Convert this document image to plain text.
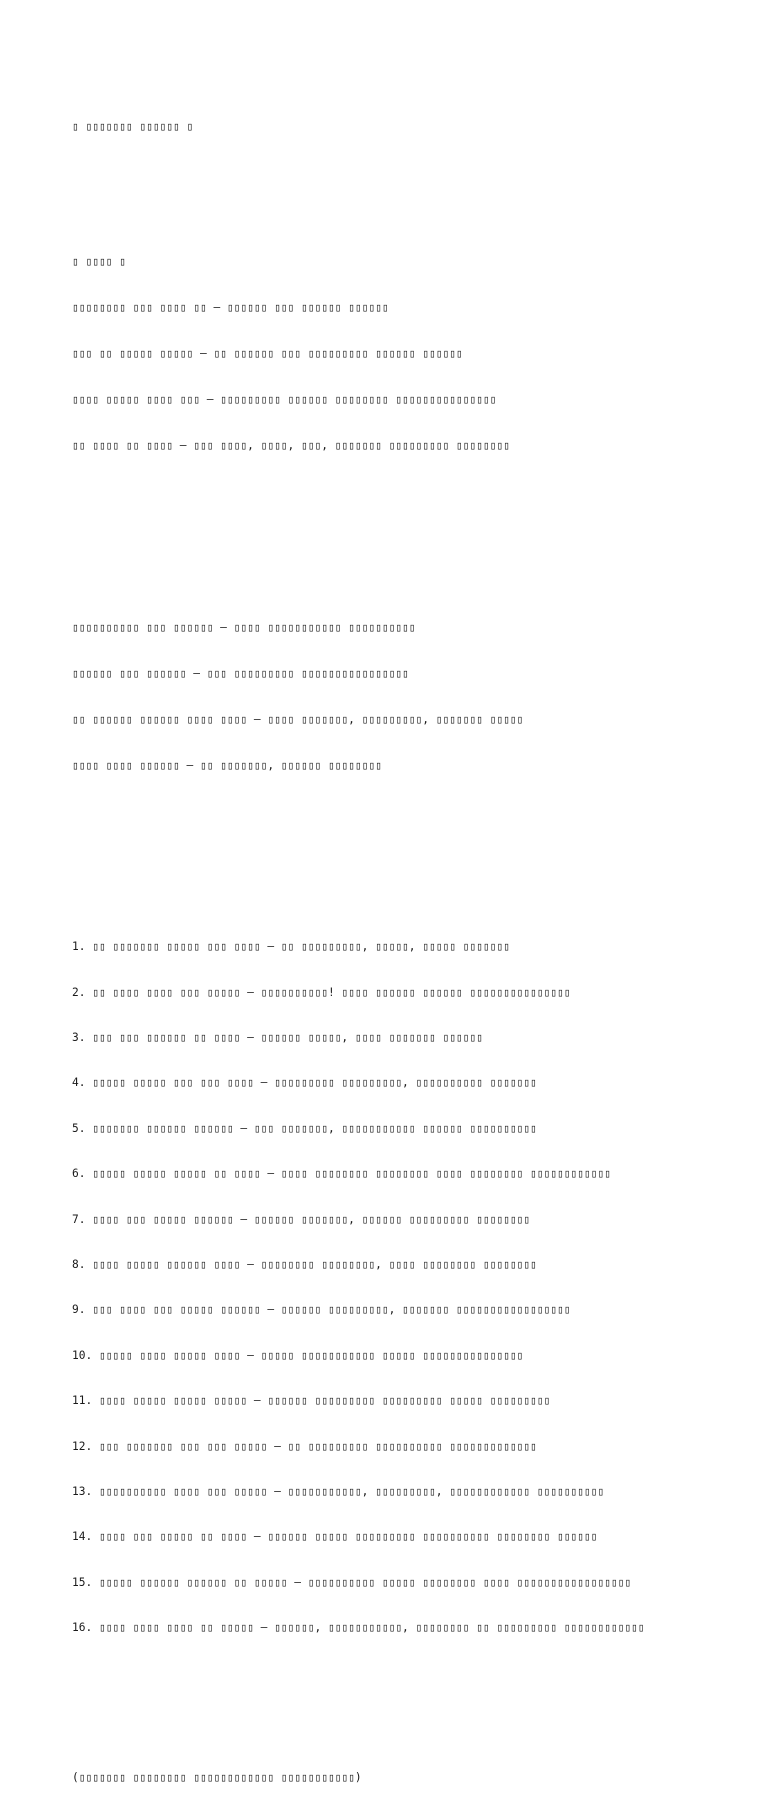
▯ ▯▯▯▯▯▯▯ ▯▯▯▯▯▯ ▯

▯ ▯▯▯▯ ▯

▯▯▯▯▯▯▯▯ ▯▯▯ ▯▯▯▯ ▯▯ – ▯▯▯▯▯▯ ▯▯▯ ▯▯▯▯▯▯ ▯▯▯▯▯▯

▯▯▯ ▯▯ ▯▯▯▯▯ ▯▯▯▯▯ – ▯▯ ▯▯▯▯▯▯ ▯▯▯ ▯▯▯▯▯▯▯▯▯ ▯▯▯▯▯▯ ▯▯▯▯▯▯

▯▯▯▯ ▯▯▯▯▯ ▯▯▯▯ ▯▯▯ – ▯▯▯▯▯▯▯▯▯ ▯▯▯▯▯▯ ▯▯▯▯▯▯▯▯ ▯▯▯▯▯▯▯▯▯▯▯▯▯▯▯

▯▯ ▯▯▯▯ ▯▯ ▯▯▯▯ – ▯▯▯ ▯▯▯▯, ▯▯▯▯, ▯▯▯, ▯▯▯▯▯▯▯ ▯▯▯▯▯▯▯▯▯ ▯▯▯▯▯▯▯▯

▯▯▯▯▯▯▯▯▯▯ ▯▯▯ ▯▯▯▯▯▯ – ▯▯▯▯ ▯▯▯▯▯▯▯▯▯▯▯ ▯▯▯▯▯▯▯▯▯▯

▯▯▯▯▯▯ ▯▯▯ ▯▯▯▯▯▯ – ▯▯▯ ▯▯▯▯▯▯▯▯▯ ▯▯▯▯▯▯▯▯▯▯▯▯▯▯▯▯

▯▯ ▯▯▯▯▯▯ ▯▯▯▯▯▯ ▯▯▯▯ ▯▯▯▯ – ▯▯▯▯ ▯▯▯▯▯▯▯, ▯▯▯▯▯▯▯▯▯, ▯▯▯▯▯▯▯ ▯▯▯▯▯

▯▯▯▯ ▯▯▯▯ ▯▯▯▯▯▯ – ▯▯ ▯▯▯▯▯▯▯, ▯▯▯▯▯▯ ▯▯▯▯▯▯▯▯

1. ▯▯ ▯▯▯▯▯▯▯ ▯▯▯▯▯ ▯▯▯ ▯▯▯▯ – ▯▯ ▯▯▯▯▯▯▯▯▯, ▯▯▯▯▯, ▯▯▯▯▯ ▯▯▯▯▯▯▯

2. ▯▯ ▯▯▯▯ ▯▯▯▯ ▯▯▯ ▯▯▯▯▯ – ▯▯▯▯▯▯▯▯▯▯! ▯▯▯▯ ▯▯▯▯▯▯ ▯▯▯▯▯▯ ▯▯▯▯▯▯▯▯▯▯▯▯▯▯▯

3. ▯▯▯ ▯▯▯ ▯▯▯▯▯▯ ▯▯ ▯▯▯▯ – ▯▯▯▯▯▯ ▯▯▯▯▯, ▯▯▯▯ ▯▯▯▯▯▯▯ ▯▯▯▯▯▯

4. ▯▯▯▯▯ ▯▯▯▯▯ ▯▯▯ ▯▯▯ ▯▯▯▯ – ▯▯▯▯▯▯▯▯▯ ▯▯▯▯▯▯▯▯▯, ▯▯▯▯▯▯▯▯▯▯ ▯▯▯▯▯▯▯

5. ▯▯▯▯▯▯▯ ▯▯▯▯▯▯ ▯▯▯▯▯▯ – ▯▯▯ ▯▯▯▯▯▯▯, ▯▯▯▯▯▯▯▯▯▯▯ ▯▯▯▯▯▯ ▯▯▯▯▯▯▯▯▯▯

6. ▯▯▯▯▯ ▯▯▯▯▯ ▯▯▯▯▯ ▯▯ ▯▯▯▯ – ▯▯▯▯ ▯▯▯▯▯▯▯▯ ▯▯▯▯▯▯▯▯ ▯▯▯▯ ▯▯▯▯▯▯▯▯ ▯▯▯▯▯▯▯▯▯▯▯▯

7. ▯▯▯▯ ▯▯▯ ▯▯▯▯▯ ▯▯▯▯▯▯ – ▯▯▯▯▯▯ ▯▯▯▯▯▯▯, ▯▯▯▯▯▯ ▯▯▯▯▯▯▯▯▯ ▯▯▯▯▯▯▯▯

8. ▯▯▯▯ ▯▯▯▯▯ ▯▯▯▯▯▯ ▯▯▯▯ – ▯▯▯▯▯▯▯▯ ▯▯▯▯▯▯▯▯, ▯▯▯▯ ▯▯▯▯▯▯▯▯ ▯▯▯▯▯▯▯▯

9. ▯▯▯ ▯▯▯▯ ▯▯▯ ▯▯▯▯▯ ▯▯▯▯▯▯ – ▯▯▯▯▯▯ ▯▯▯▯▯▯▯▯▯, ▯▯▯▯▯▯▯ ▯▯▯▯▯▯▯▯▯▯▯▯▯▯▯▯▯

10. ▯▯▯▯▯ ▯▯▯▯ ▯▯▯▯▯ ▯▯▯▯ – ▯▯▯▯▯ ▯▯▯▯▯▯▯▯▯▯▯ ▯▯▯▯▯ ▯▯▯▯▯▯▯▯▯▯▯▯▯▯▯

11. ▯▯▯▯ ▯▯▯▯▯ ▯▯▯▯▯ ▯▯▯▯▯ – ▯▯▯▯▯▯ ▯▯▯▯▯▯▯▯▯ ▯▯▯▯▯▯▯▯▯ ▯▯▯▯▯ ▯▯▯▯▯▯▯▯▯

12. ▯▯▯ ▯▯▯▯▯▯▯ ▯▯▯ ▯▯▯ ▯▯▯▯▯ – ▯▯ ▯▯▯▯▯▯▯▯▯ ▯▯▯▯▯▯▯▯▯▯ ▯▯▯▯▯▯▯▯▯▯▯▯▯

13. ▯▯▯▯▯▯▯▯▯▯ ▯▯▯▯ ▯▯▯ ▯▯▯▯▯ – ▯▯▯▯▯▯▯▯▯▯▯, ▯▯▯▯▯▯▯▯▯, ▯▯▯▯▯▯▯▯▯▯▯▯ ▯▯▯▯▯▯▯▯▯▯

14. ▯▯▯▯ ▯▯▯ ▯▯▯▯▯ ▯▯ ▯▯▯▯ – ▯▯▯▯▯▯ ▯▯▯▯▯ ▯▯▯▯▯▯▯▯▯ ▯▯▯▯▯▯▯▯▯▯ ▯▯▯▯▯▯▯▯ ▯▯▯▯▯▯

15. ▯▯▯▯▯ ▯▯▯▯▯▯ ▯▯▯▯▯▯ ▯▯ ▯▯▯▯▯ – ▯▯▯▯▯▯▯▯▯▯ ▯▯▯▯▯ ▯▯▯▯▯▯▯▯ ▯▯▯▯ ▯▯▯▯▯▯▯▯▯▯▯▯▯▯▯▯▯

16. ▯▯▯▯ ▯▯▯▯ ▯▯▯▯ ▯▯ ▯▯▯▯▯ – ▯▯▯▯▯▯, ▯▯▯▯▯▯▯▯▯▯▯, ▯▯▯▯▯▯▯▯ ▯▯ ▯▯▯▯▯▯▯▯▯ ▯▯▯▯▯▯▯▯▯▯▯▯

(▯▯▯▯▯▯▯ ▯▯▯▯▯▯▯▯ ▯▯▯▯▯▯▯▯▯▯▯▯ ▯▯▯▯▯▯▯▯▯▯▯)
